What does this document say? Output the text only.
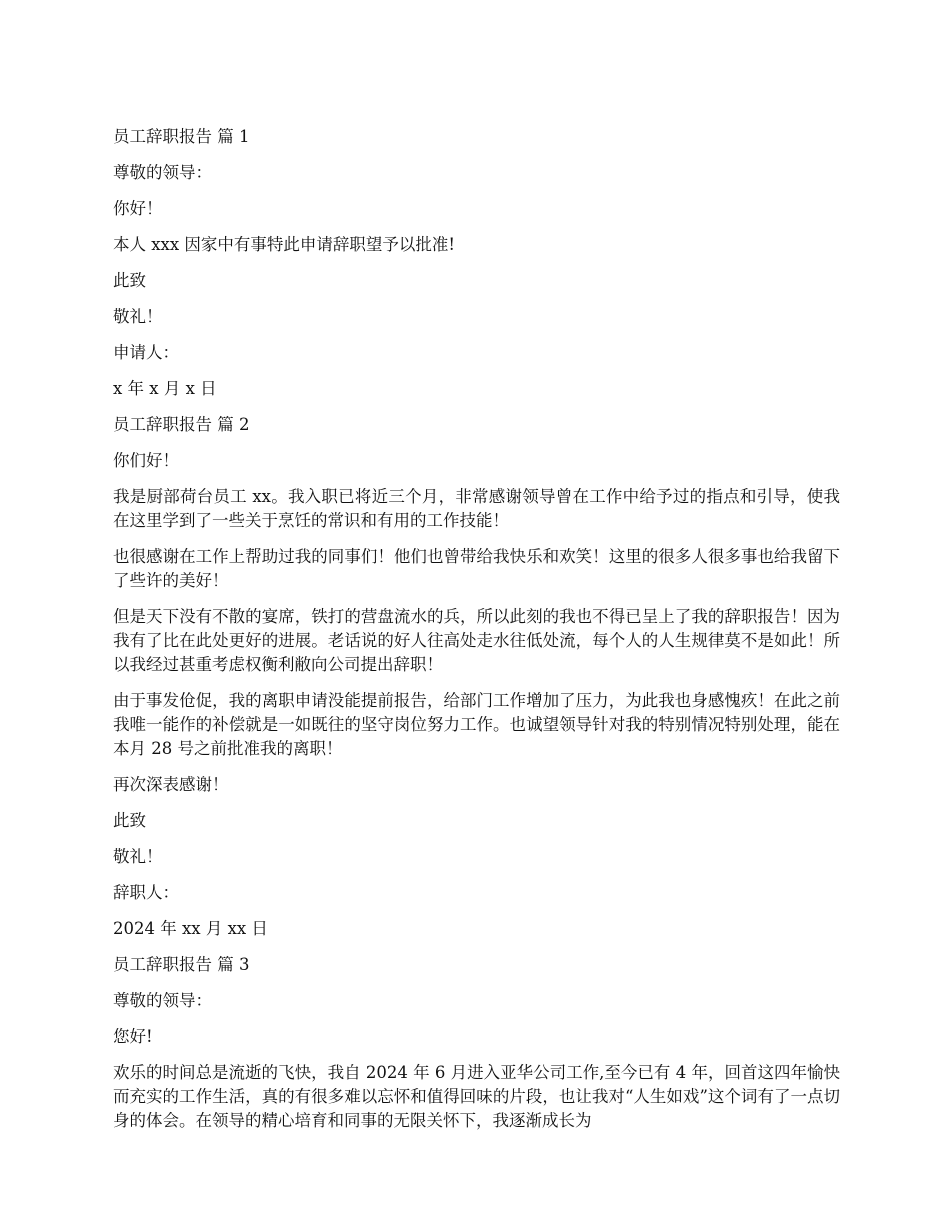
员工辞职报告 篇 1

尊敬的领导：

你好！

本人 xxx 因家中有事特此申请辞职望予以批准!

此致

敬礼！

申请人：

x 年 x 月 x 日

员工辞职报告 篇 2

你们好！

我是厨部荷台员工 xx。我入职已将近三个月，非常感谢领导曾在工作中给予过的指点和引导，使我在这里学到了一些关于烹饪的常识和有用的工作技能！

也很感谢在工作上帮助过我的同事们！他们也曾带给我快乐和欢笑！这里的很多人很多事也给我留下了些许的美好！

但是天下没有不散的宴席，铁打的营盘流水的兵，所以此刻的我也不得已呈上了我的辞职报告！因为我有了比在此处更好的进展。老话说的好人往高处走水往低处流，每个人的人生规律莫不是如此！所以我经过甚重考虑权衡利敝向公司提出辞职！

由于事发伧促，我的离职申请没能提前报告，给部门工作增加了压力，为此我也身感愧疚！在此之前我唯一能作的补偿就是一如既往的坚守岗位努力工作。也诚望领导针对我的特别情况特别处理，能在本月 28 号之前批准我的离职！

再次深表感谢！

此致

敬礼！

辞职人：

2024 年 xx 月 xx 日

员工辞职报告 篇 3

尊敬的领导：

您好!

欢乐的时间总是流逝的飞快，我自 2024 年 6 月进入亚华公司工作,至今已有 4 年，回首这四年愉快而充实的工作生活，真的有很多难以忘怀和值得回味的片段，也让我对“人生如戏”这个词有了一点切身的体会。在领导的精心培育和同事的无限关怀下，我逐渐成长为
